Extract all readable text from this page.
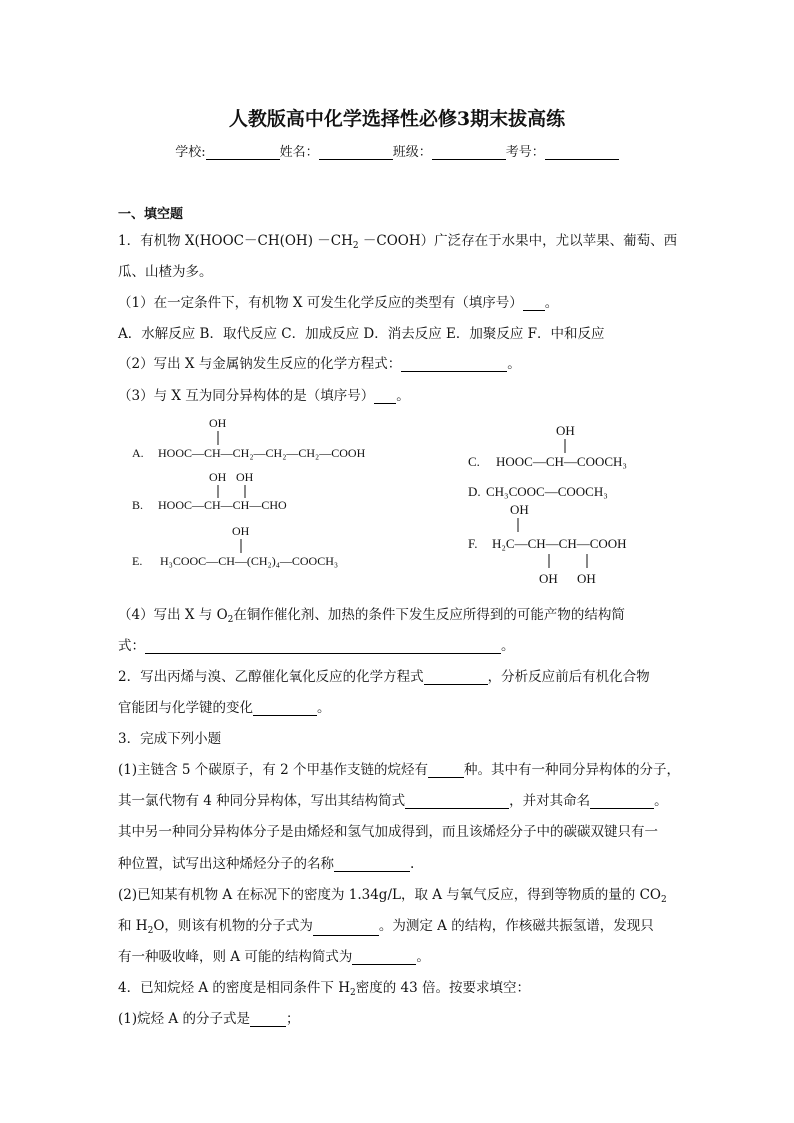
人教版高中化学选择性必修3期末拔高练
学校:	姓名：	班级：	考号：
一、填空题
1．有机物 X(HOOC－CH(OH) $-CH_2$ －COOH）广泛存在于水果中，尤以苹果、葡萄、西
瓜、山楂为多。
（1）在一定条件下，有机物 X 可发生化学反应的类型有（填序号） 。
A．水解反应 B．取代反应 C．加成反应 D．消去反应 E．加聚反应 F．中和反应
（2）写出 X 与金属钠发生反应的化学方程式：	。
（3）与 X 互为同分异构体的是（填序号） 。
A.
OH
HOOC—CH—CH₂—CH₂—CH₂—COOH
B.
OH OH
HOOC—CH—CH—CHO
E.
OH
H₃COOC—CH—(CH₂)₄—COOCH₃
OH
C. HOOC—CH—COOCH₃
D. CH₃COOC—COOCH₃
OH
F. H₂C—CH—CH—COOH
OH OH
（4）写出 X 与 $O_2$在铜作催化剂、加热的条件下发生反应所得到的可能产物的结构简
式：	。
2．写出丙烯与溴、乙醇催化氧化反应的化学方程式	，分析反应前后有机化合物
官能团与化学键的变化	。
3．完成下列小题
(1)主链含 5 个碳原子，有 2 个甲基作支链的烷烃有	种。其中有一种同分异构体的分子，
其一氯代物有 4 种同分异构体，写出其结构简式	，并对其命名	。
其中另一种同分异构体分子是由烯烃和氢气加成得到，而且该烯烃分子中的碳碳双键只有一
种位置，试写出这种烯烃分子的名称	.
(2)已知某有机物 A 在标况下的密度为 1.34g/L，取 A 与氧气反应，得到等物质的量的 $CO_2$
和 $H_2O$，则该有机物的分子式为	。为测定 A 的结构，作核磁共振氢谱，发现只
有一种吸收峰，则 A 可能的结构简式为	。
4．已知烷烃 A 的密度是相同条件下 $H_2$密度的 43 倍。按要求填空：
(1)烷烃 A 的分子式是	；
